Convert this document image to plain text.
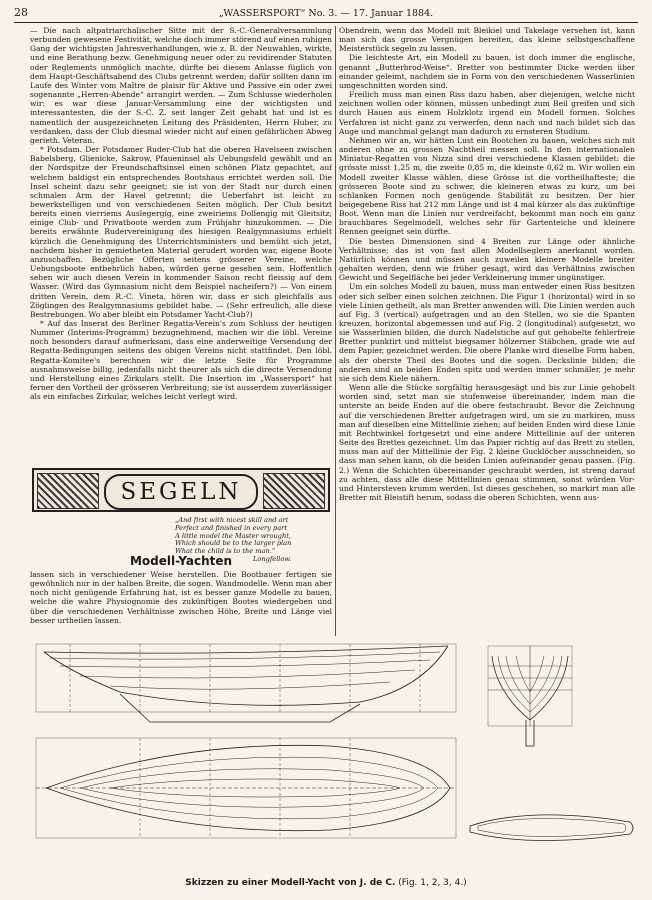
28	„WASSERSPORT“ No. 3. — 17. Januar 1884.

— Die nach altpatriarchalischer Sitte mit der S.-C.-Generalversammlung verbunden gewesene Festivität, welche doch immer störend auf einen ruhigen Gang der wichtigsten Jahresverhandlungen, wie z. B. der Neuwahlen, wirkte, und eine Berathung bezw. Genehmigung neuer oder zu revidirender Statuten oder Reglements unmöglich machte, dürfte bei diesem Anlasse füglich von dem Haupt-Geschäftsabend des Clubs getrennt werden; dafür sollten dann im Laufe des Winter vom Maître de plaisir für Aktive und Passive ein oder zwei sogenannte „Herren-Abende“ arrangirt werden. — Zum Schlusse wiederholen wir: es war diese Januar-Versammlung eine der wichtigsten und interessantesten, die der S.-C. Z. seit langer Zeit gehabt hat und ist es namentlich der ausgezeichneten Leitung des Präsidenten, Herrn Huber, zu verdanken, dass der Club diesmal wieder nicht auf einen gefährlichen Abweg gerieth. Veteran.

* Potsdam. Der Potsdamer Ruder-Club hat die oberen Havelseen zwischen Babelsberg, Glienicke, Sakrow, Pfaueninsel als Uebungsfeld gewählt und an der Nordspitze der Freundschaftsinsel einen schönen Platz gepachtet, auf welchem baldigst ein entsprechendes Bootshaus errichtet werden soll. Die Insel scheint dazu sehr geeignet; sie ist von der Stadt nur durch einen schmalen Arm der Havel getrennt; die Ueberfahrt ist leicht zu bewerkstelligen und von verschiedenen Seiten möglich. Der Club besitzt bereits einen vierriems Auslegergig, eine zweiriems Dollengig mit Gleitsitz; einige Club- und Privatboote werden zum Frühjahr hinzukommen. — Die bereits erwähnte Rudervereinigung des hiesigen Realgymnasiums erhielt kürzlich die Genehmigung des Unterrichtsministers und bemüht sich jetzt, nachdem bisher in gemietheten Material gerudert worden war, eigene Boote anzuschaffen. Bezügliche Offerten seitens grösserer Vereine, welche Uebungsboote entbehrlich haben, würden gerne gesehen sein. Hoffentlich sehen wir auch diesen Verein in kommender Saison recht fleissig auf dem Wasser. (Wird das Gymnasium nicht dem Beispiel nacheifern?) — Von einem dritten Verein, dem R.-C. Vineta, hören wir, dass er sich gleichfalls aus Zöglingen des Realgymnasiums gebildet habe. — (Sehr erfreulich, alle diese Bestrebungen. Wo aber bleibt ein Potsdamer Yacht-Club?)

* Auf das Inserat des Berliner Regatta-Verein's zum Schluss der heutigen Nummer (Interims-Programm) bezugnehmend, machen wir die löbl. Vereine noch besonders darauf aufmerksam, dass eine anderweitige Versendung der Regatta-Bedingungen seitens des obigen Vereins nicht stattfindet. Den löbl. Regatta-Komitee's berechnen wir die letzte Seite für Programme ausnahmsweise billig, jedenfalls nicht theurer als sich die directe Versendung und Herstellung eines Zirkulars stellt. Die Insertion im „Wassersport“ hat ferner den Vortheil der grösseren Verbreitung; sie ist ausserdem zuverlässiger als ein einfaches Zirkular, welches leicht verlegt wird.

SEGELN
„And first with nicest skill and art
Perfect and finished in every part
A little model the Master wrought,
Which should be to the larger plan
What the child is to the man.“
Longfellow.
Modell-Yachten

lassen sich in verschiedener Weise herstellen. Die Bootbauer fertigen sie gewöhnlich nur in der halben Breite, die sogen. Wandmodelle. Wenn man aber noch nicht genügende Erfahrung hat, ist es besser ganze Modelle zu bauen, welche die wahre Physiognomie des zukünftigen Bootes wiedergeben und über die verschiedenen Verhältnisse zwischen Höhe, Breite und Länge viel besser urtheilen lassen.

Obendrein, wenn das Modell mit Bleikiel und Takelage versehen ist, kann man sich das grosse Vergnügen bereiten, das kleine selbstgeschaffene Meisterstück segeln zu lassen.

Die leichteste Art, ein Modell zu bauen, ist doch immer die englische, genannt „Butterbrod-Weise“. Bretter von bestimmter Dicke werden über einander geleimt, nachdem sie in Form von den verschiedenen Wasserlinien umgeschnitten worden sind.

Freilich muss man einen Riss dazu haben, aber diejenigen, welche nicht zeichnen wollen oder können, müssen unbedingt zum Beil greifen und sich durch Hauen aus einem Holzklotz irgend ein Modell formen. Solches Verfahren ist nicht ganz zu verwerfen, denn nach und nach bildet sich das Auge und manchmal gelangt man dadurch zu ernsteren Studium.

Nehmen wir an, wir hätten Lust ein Bootchen zu bauen, welches sich mit anderen ohne zu grossen Nachtheil messen soll. In den internationalen Miniatur-Regatten von Nizza sind drei verschiedene Klassen gebildet: die grösste misst 1,25 m, die zweite 0,85 m, die kleinste 0,62 m. Wir wollen ein Modell zweiter Klasse wählen, diese Grösse ist die vortheilhafteste; die grösseren Boote sind zu schwer, die kleineren etwas zu kurz, um bei schlanken Formen noch genügende Stabilität zu besitzen. Der hier beigegebene Riss hat 212 mm Länge und ist 4 mal kürzer als das zukünftige Boot. Wenn man die Linien nur verdreifacht, bekommt man noch ein ganz brauchbares Segelmodell, welches sehr für Gartenteiche und kleinere Rennen geeignet sein dürfte.

Die besten Dimensionen sind 4 Breiten zur Länge oder ähnliche Verhältnisse; das ist von fast allen Modellseglern anerkannt worden. Natürlich können und müssen auch zuweilen kleinere Modelle breiter gehalten werden, denn wie früher gesagt, wird das Verhältniss zwischen Gewicht und Segelfläche bei jeder Verkleinerung immer ungünstiger.

Um ein solches Modell zu bauen, muss man entweder einen Riss besitzen oder sich selber einen solchen zeichnen. Die Figur 1 (horizontal) wird in so viele Linien getheilt, als man Bretter anwenden will. Die Linien werden auch auf Fig. 3 (vertical) aufgetragen und an den Stellen, wo sie die Spanten kreuzen, horizontal abgemessen und auf Fig. 2 (longitudinal) aufgesetzt, wo sie Wasserlinien bilden, die durch Nadelstiche auf gut gehobelte fehlerfreie Bretter punktirt und mittelst biegsamer hölzerner Stäbchen, grade wie auf dem Papier, gezeichnet werden. Die obere Planke wird dieselbe Form haben, als der oberste Theil des Bootes und die sogen. Deckslinie bilden; die anderen sind an beiden Enden spitz und werden immer schmäler, je mehr sie sich dem Kiele nähern.

Wenn alle die Stücke sorgfältig herausgesägt und bis zur Linie gehobelt worden sind, setzt man sie stufenweise übereinander, indem man die unterste an beide Enden auf die obere festschraubt. Bevor die Zeichnung auf die verschiedenen Bretter aufgetragen wird, um sie zu markiren, muss man auf dieselben eine Mittellinie ziehen; auf beiden Enden wird diese Linie mit Rechtwinkel fortgesetzt und eine andere Mittellinie auf der unteren Seite des Brettes gezeichnet. Um das Papier richtig auf das Brett zu stellen, muss man auf der Mittellinie der Fig. 2 kleine Gucklöcher ausschneiden, so dass man sehen kann, ob die beiden Linien aufeinander genau passen. (Fig. 2.) Wenn die Schichten übereinander geschraubt werden, ist streng darauf zu achten, dass alle diese Mittellinien genau stimmen, sonst würden Vor- und Hintersteven krumm werden. Ist dieses geschehen, so markirt man alle Bretter mit Bleistift herum, sodass die oberen Schichten, wenn aus-

Skizzen zu einer Modell-Yacht von J. de C. (Fig. 1, 2, 3, 4.)
